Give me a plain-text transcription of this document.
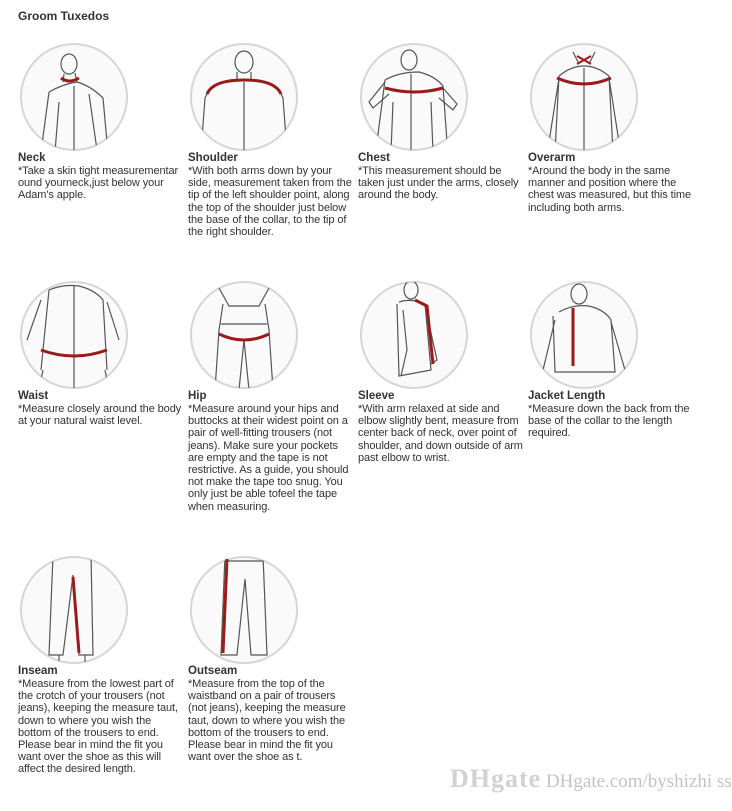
Groom Tuxedos
Neck
*Take a skin tight measurementar ound yourneck,just below your Adam's apple.
Shoulder
*With both arms down by your side, measurement taken from the tip of the left shoulder point, along the top of the shoulder just below the base of the collar, to the tip of the right shoulder.
Chest
*This measurement should be taken just under the arms, closely around the body.
Overarm
*Around the body in the same manner and position where the chest was measured, but this time including both arms.
Waist
*Measure closely around the body at your natural waist level.
Hip
*Measure around your hips and buttocks at their widest point on a pair of well-fitting trousers (not jeans). Make sure your pockets are empty and the tape is not restrictive. As a guide, you should not make the tape too snug. You only just be able tofeel the tape when measuring.
Sleeve
*With arm relaxed at side and elbow slightly bent, measure from center back of neck, over point of shoulder, and down outside of arm past elbow to wrist.
Jacket Length
*Measure down the back from the base of the collar to the length required.
Inseam
*Measure from the lowest part of the crotch of your trousers (not jeans), keeping the measure taut, down to where you wish the bottom of the trousers to end. Please bear in mind the fit you want over the shoe as this will affect the desired length.
Outseam
*Measure from the top of the waistband on a pair of trousers (not jeans), keeping the measure taut, down to where you wish the bottom of the trousers to end. Please bear in mind the fit you want over the shoe as t.
DHgate DHgate.com/byshizhi ss
